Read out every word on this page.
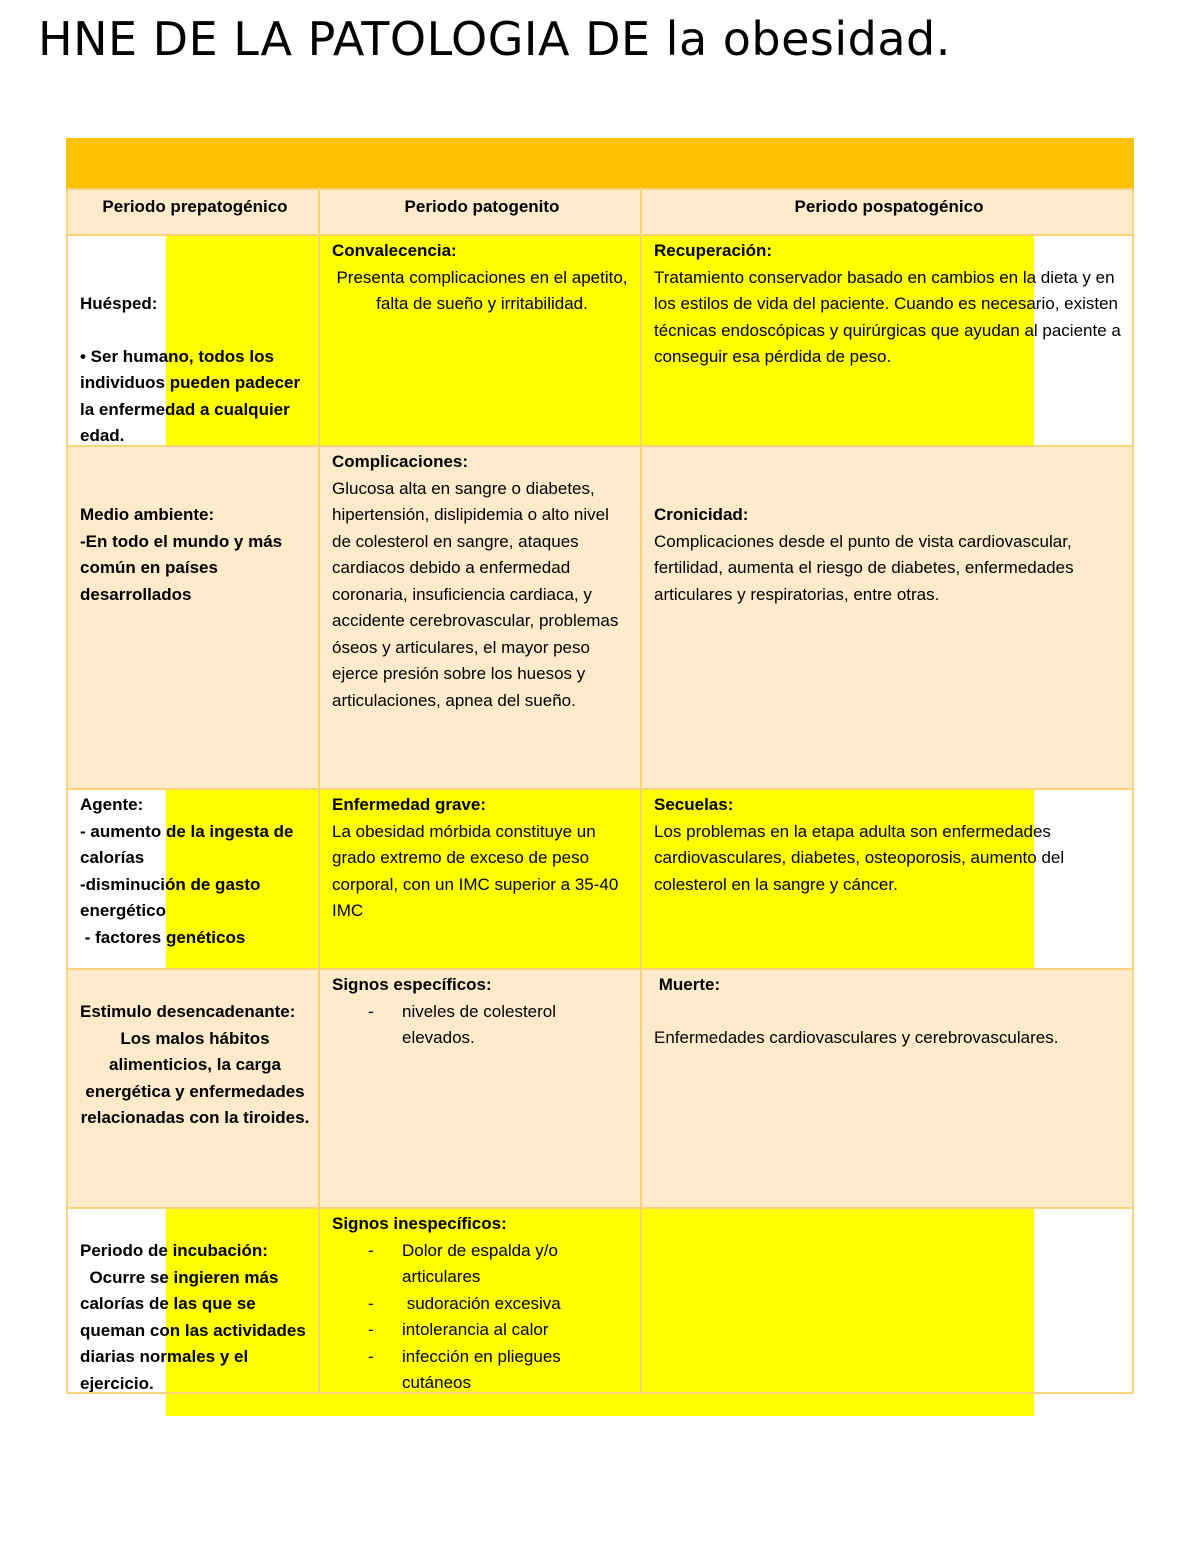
HNE DE LA PATOLOGIA DE la obesidad.
Periodo prepatogénico	Periodo patogenito	Periodo pospatogénico

Huésped:

• Ser humano, todos los individuos pueden padecer la enfermedad a cualquier edad.

Convalecencia:

Presenta complicaciones en el apetito, falta de sueño y irritabilidad.

Recuperación:

Tratamiento conservador basado en cambios en la dieta y en los estilos de vida del paciente. Cuando es necesario, existen técnicas endoscópicas y quirúrgicas que ayudan al paciente a conseguir esa pérdida de peso.

Medio ambiente:

-En todo el mundo y más común en países desarrollados

Complicaciones:

Glucosa alta en sangre o diabetes, hipertensión, dislipidemia o alto nivel de colesterol en sangre, ataques cardiacos debido a enfermedad coronaria, insuficiencia cardiaca, y accidente cerebrovascular, problemas óseos y articulares, el mayor peso ejerce presión sobre los huesos y articulaciones, apnea del sueño.

Cronicidad:

Complicaciones desde el punto de vista cardiovascular, fertilidad, aumenta el riesgo de diabetes, enfermedades articulares y respiratorias, entre otras.

Agente:

- aumento de la ingesta de calorías

-disminución de gasto energético

- factores genéticos

Enfermedad grave:

La obesidad mórbida constituye un grado extremo de exceso de peso corporal, con un IMC superior a 35-40 IMC

Secuelas:

Los problemas en la etapa adulta son enfermedades cardiovasculares, diabetes, osteoporosis, aumento del colesterol en la sangre y cáncer.

Estimulo desencadenante:

Los malos hábitos alimenticios, la carga energética y enfermedades relacionadas con la tiroides.

Signos específicos:

- niveles de colesterol elevados.

Muerte:

Enfermedades cardiovasculares y cerebrovasculares.

Periodo de incubación:

Ocurre se ingieren más calorías de las que se queman con las actividades diarias normales y el ejercicio.

Signos inespecíficos:

- Dolor de espalda y/o articulares
-  sudoración excesiva
- intolerancia al calor
- infección en pliegues cutáneos
